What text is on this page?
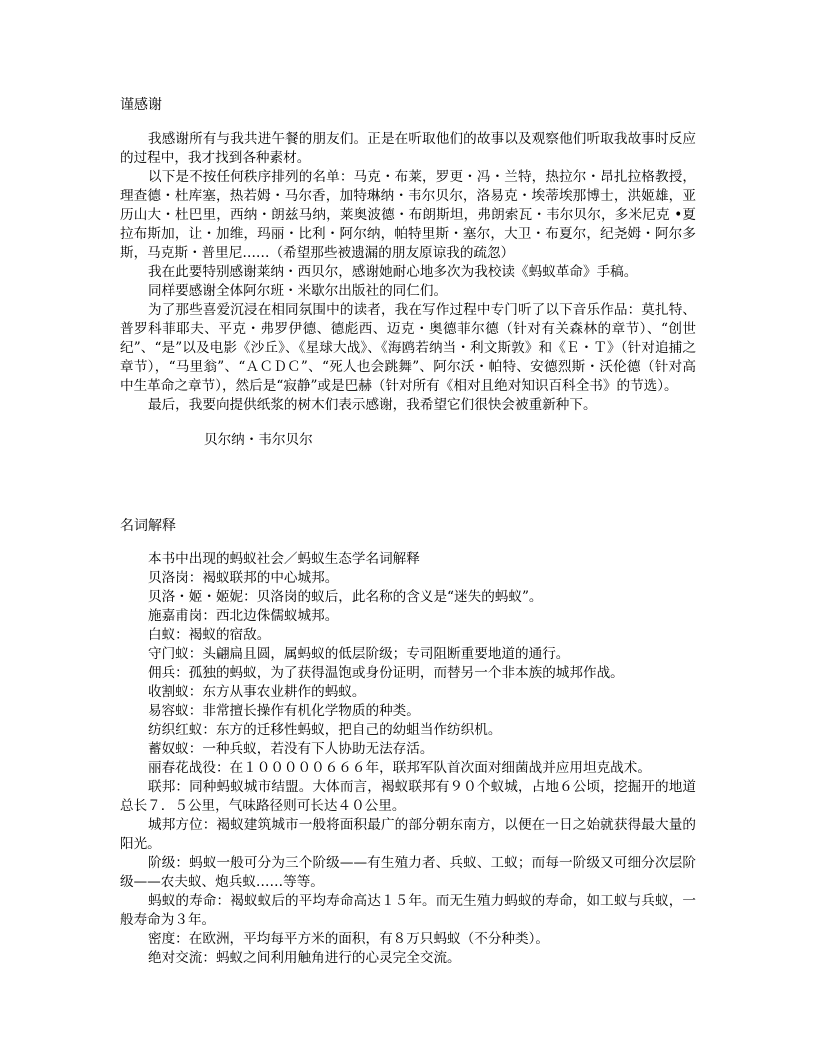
谨感谢

我感谢所有与我共进午餐的朋友们。正是在听取他们的故事以及观察他们听取我故事时反应的过程中，我才找到各种素材。

以下是不按任何秩序排列的名单：马克・布莱，罗更・冯・兰特，热拉尔・昂扎拉格教授，理查德・杜库塞，热若姆・马尔香，加特琳纳・韦尔贝尔，洛易克・埃蒂埃那博士，洪姬雄，亚历山大・杜巴里，西纳・朗兹马纳，莱奥波德・布朗斯坦，弗朗索瓦・韦尔贝尔，多米尼克 •夏拉布斯加，让・加维，玛丽・比利・阿尔纳，帕特里斯・塞尔，大卫・布夏尔，纪尧姆・阿尔多斯，马克斯・普里尼……（希望那些被遗漏的朋友原谅我的疏忽）

我在此要特别感谢莱纳・西贝尔，感谢她耐心地多次为我校读《蚂蚁革命》手稿。

同样要感谢全体阿尔班・米歇尔出版社的同仁们。

为了那些喜爱沉浸在相同氛围中的读者，我在写作过程中专门听了以下音乐作品：莫扎特、普罗科菲耶夫、平克・弗罗伊德、德彪西、迈克・奥德菲尔德（针对有关森林的章节）、“创世纪”、“是”以及电影《沙丘》、《星球大战》、《海鸥若纳当・利文斯敦》和《Ｅ・Ｔ》（针对追捕之章节），“马里翁”、“ＡＣＤＣ”、“死人也会跳舞”、阿尔沃・帕特、安德烈斯・沃伦德（针对高中生革命之章节），然后是“寂静”或是巴赫（针对所有《相对且绝对知识百科全书》的节选）。

最后，我要向提供纸浆的树木们表示感谢，我希望它们很快会被重新种下。

贝尔纳・韦尔贝尔

名词解释

本书中出现的蚂蚁社会／蚂蚁生态学名词解释

贝洛岗：褐蚁联邦的中心城邦。

贝洛・姬・姬妮：贝洛岗的蚁后，此名称的含义是“迷失的蚂蚁”。

施嘉甫岗：西北边侏儒蚁城邦。

白蚁：褐蚁的宿敌。

守门蚁：头翩扁且圆，属蚂蚁的低层阶级；专司阻断重要地道的通行。

佣兵：孤独的蚂蚁，为了获得温饱或身份证明，而替另一个非本族的城邦作战。

收割蚁：东方从事农业耕作的蚂蚁。

易容蚁：非常擅长操作有机化学物质的种类。

纺织红蚁：东方的迁移性蚂蚁，把自己的幼蛆当作纺织机。

蓄奴蚁：一种兵蚁，若没有下人协助无法存活。

丽春花战役：在１０００００６６６年，联邦军队首次面对细菌战并应用坦克战术。

联邦：同种蚂蚁城市结盟。大体而言，褐蚁联邦有９０个蚁城，占地６公顷，挖掘开的地道总长７．５公里，气味路径则可长达４０公里。

城邦方位：褐蚁建筑城市一般将面积最广的部分朝东南方，以便在一日之始就获得最大量的阳光。

阶级：蚂蚁一般可分为三个阶级——有生殖力者、兵蚁、工蚁；而每一阶级又可细分次层阶级——农夫蚁、炮兵蚁……等等。

蚂蚁的寿命：褐蚁蚁后的平均寿命高达１５年。而无生殖力蚂蚁的寿命，如工蚁与兵蚁，一般寿命为３年。

密度：在欧洲，平均每平方米的面积，有８万只蚂蚁（不分种类）。

绝对交流：蚂蚁之间利用触角进行的心灵完全交流。
